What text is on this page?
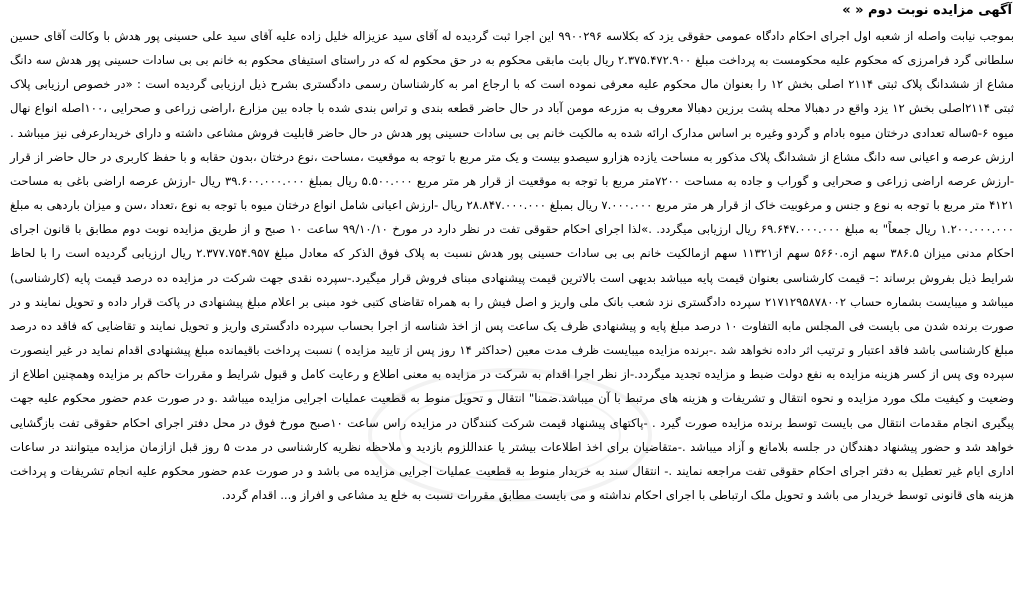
آگهی مزایده نوبت دوم « »

بموجب نیابت واصله از شعبه اول اجرای احکام دادگاه عمومی حقوقی یزد که بکلاسه ۹۹۰۰۲۹۶ این اجرا ثبت گردیده له آقای سید عزیزاله خلیل زاده علیه آقای سید علی حسینی پور هدش با وکالت آقای حسین سلطانی گرد فرامرزی که محکوم علیه محکومست به پرداخت مبلغ ۲.۳۷۵.۴۷۲.۹۰۰ ریال بابت مابقی محکوم به در حق محکوم له که در راستای استیفای محکوم به خانم بی بی سادات حسینی پور هدش سه دانگ مشاع از ششدانگ پلاک ثبتی ۲۱۱۴ اصلی بخش ۱۲ را بعنوان مال محکوم علیه معرفی نموده است که با ارجاع امر به کارشناسان رسمی دادگستری بشرح ذیل ارزیابی گردیده است : «در خصوص ارزیابی پلاک ثبتی ۲۱۱۴اصلی بخش ۱۲ یزد واقع در دهبالا محله پشت برزین دهبالا معروف به مزرعه مومن آباد در حال حاضر قطعه بندی و تراس بندی شده با جاده بین مزارع ،اراضی زراعی و صحرایی ،۱۰۰اصله انواع نهال میوه ۶-۵ساله تعدادی درختان میوه بادام و گردو وغیره بر اساس مدارک ارائه شده به مالکیت خانم بی بی سادات حسینی پور هدش در حال حاضر قابلیت فروش مشاعی داشته و دارای خریدارعرفی نیز میباشد . ارزش عرصه و اعیانی سه دانگ مشاع از ششدانگ پلاک مذکور به مساحت یازده هزارو سیصدو بیست و یک متر مربع با توجه به موقعیت ،مساحت ،نوع درختان ،بدون حقابه و با حفظ کاربری در حال حاضر از قرار -ارزش عرصه اراضی زراعی و صحرایی و گوراب و جاده به مساحت ۷۲۰۰متر مربع با توجه به موقعیت از قرار هر متر مربع ۵.۵۰۰.۰۰۰ ریال بمبلغ ۳۹.۶۰۰.۰۰۰.۰۰۰ ریال -ارزش عرصه اراضی باغی به مساحت ۴۱۲۱ متر مربع با توجه به نوع و جنس و مرغوبیت خاک از قرار هر متر مربع ۷.۰۰۰.۰۰۰ ریال بمبلغ ۲۸.۸۴۷.۰۰۰.۰۰۰ ریال -ارزش اعیانی شامل انواع درختان میوه با توجه به نوع ،تعداد ،سن و میزان باردهی به مبلغ ۱.۲۰۰.۰۰۰.۰۰۰ ریال جمعاً" به مبلغ ۶۹.۶۴۷.۰۰۰.۰۰۰ ریال ارزیابی میگردد. .»لذا اجرای احکام حقوقی تفت در نظر دارد در مورخ ۹۹/۱۰/۱۰ ساعت ۱۰ صبح و از طریق مزایده نوبت دوم مطابق با قانون اجرای احکام مدنی میزان ۳۸۶.۵ سهم ازه.۵۶۶۰ سهم از۱۱۳۲۱ سهم ازمالکیت خانم بی بی سادات حسینی پور هدش نسبت به پلاک فوق الذکر که معادل مبلغ ۲.۳۷۷.۷۵۴.۹۵۷ ریال ارزیابی گردیده است را با لحاظ شرایط ذیل بفروش برساند :– قیمت کارشناسی بعنوان قیمت پایه میباشد بدیهی است بالاترین قیمت پیشنهادی مبنای فروش قرار میگیرد.-سپرده نقدی جهت شرکت در مزایده ده درصد قیمت پایه (کارشناسی) میباشد و میبایست بشماره حساب ۲۱۷۱۲۹۵۸۷۸۰۰۲ سپرده دادگستری نزد شعب بانک ملی واریز و اصل فیش را به همراه تقاضای کتبی خود مبنی بر اعلام مبلغ پیشنهادی در پاکت قرار داده و تحویل نمایند و در صورت برنده شدن می بایست فی المجلس مابه التفاوت ۱۰ درصد مبلغ پایه و پیشنهادی ظرف یک ساعت پس از اخذ شناسه از اجرا بحساب سپرده دادگستری واریز و تحویل نمایند و تقاضایی که فاقد ده درصد مبلغ کارشناسی باشد فاقد اعتبار و ترتیب اثر داده نخواهد شد .-برنده مزایده میبایست ظرف مدت معین (حداکثر ۱۴ روز پس از تایید مزایده ) نسبت پرداخت باقیمانده مبلغ پیشنهادی اقدام نماید در غیر اینصورت سپرده وی پس از کسر هزینه مزایده به نفع دولت ضبط و مزایده تجدید میگردد.-از نظر اجرا اقدام به شرکت در مزایده به معنی اطلاع و رعایت کامل و قبول شرایط و مقررات حاکم بر مزایده وهمچنین اطلاع از وضعیت و کیفیت ملک مورد مزایده و نحوه انتقال و تشریفات و هزینه های مرتبط با آن میباشد.ضمنا" انتقال و تحویل منوط به قطعیت عملیات اجرایی مزایده میباشد .و در صورت عدم حضور محکوم علیه جهت پیگیری انجام مقدمات انتقال می بایست توسط برنده مزایده صورت گیرد . -پاکتهای پیشنهاد قیمت شرکت کنندگان در مزایده راس ساعت ۱۰صبح مورخ فوق در محل دفتر اجرای احکام حقوقی تفت بازگشایی خواهد شد و حضور پیشنهاد دهندگان در جلسه بلامانع و آزاد میباشد .-متقاضیان برای اخذ اطلاعات بیشتر یا عنداللزوم بازدید و ملاحظه نظریه کارشناسی در مدت ۵ روز قبل ازازمان مزایده میتوانند در ساعات اداری ایام غیر تعطیل به دفتر اجرای احکام حقوقی تفت مراجعه نمایند .- انتقال سند به خریدار منوط به قطعیت عملیات اجرایی مزایده می باشد و در صورت عدم حضور محکوم علیه انجام تشریفات و پرداخت هزینه های قانونی توسط خریدار می باشد و تحویل ملک ارتباطی با اجرای احکام نداشته و می بایست مطابق مقررات نسبت به خلع ید مشاعی و افراز و... اقدام گردد.
